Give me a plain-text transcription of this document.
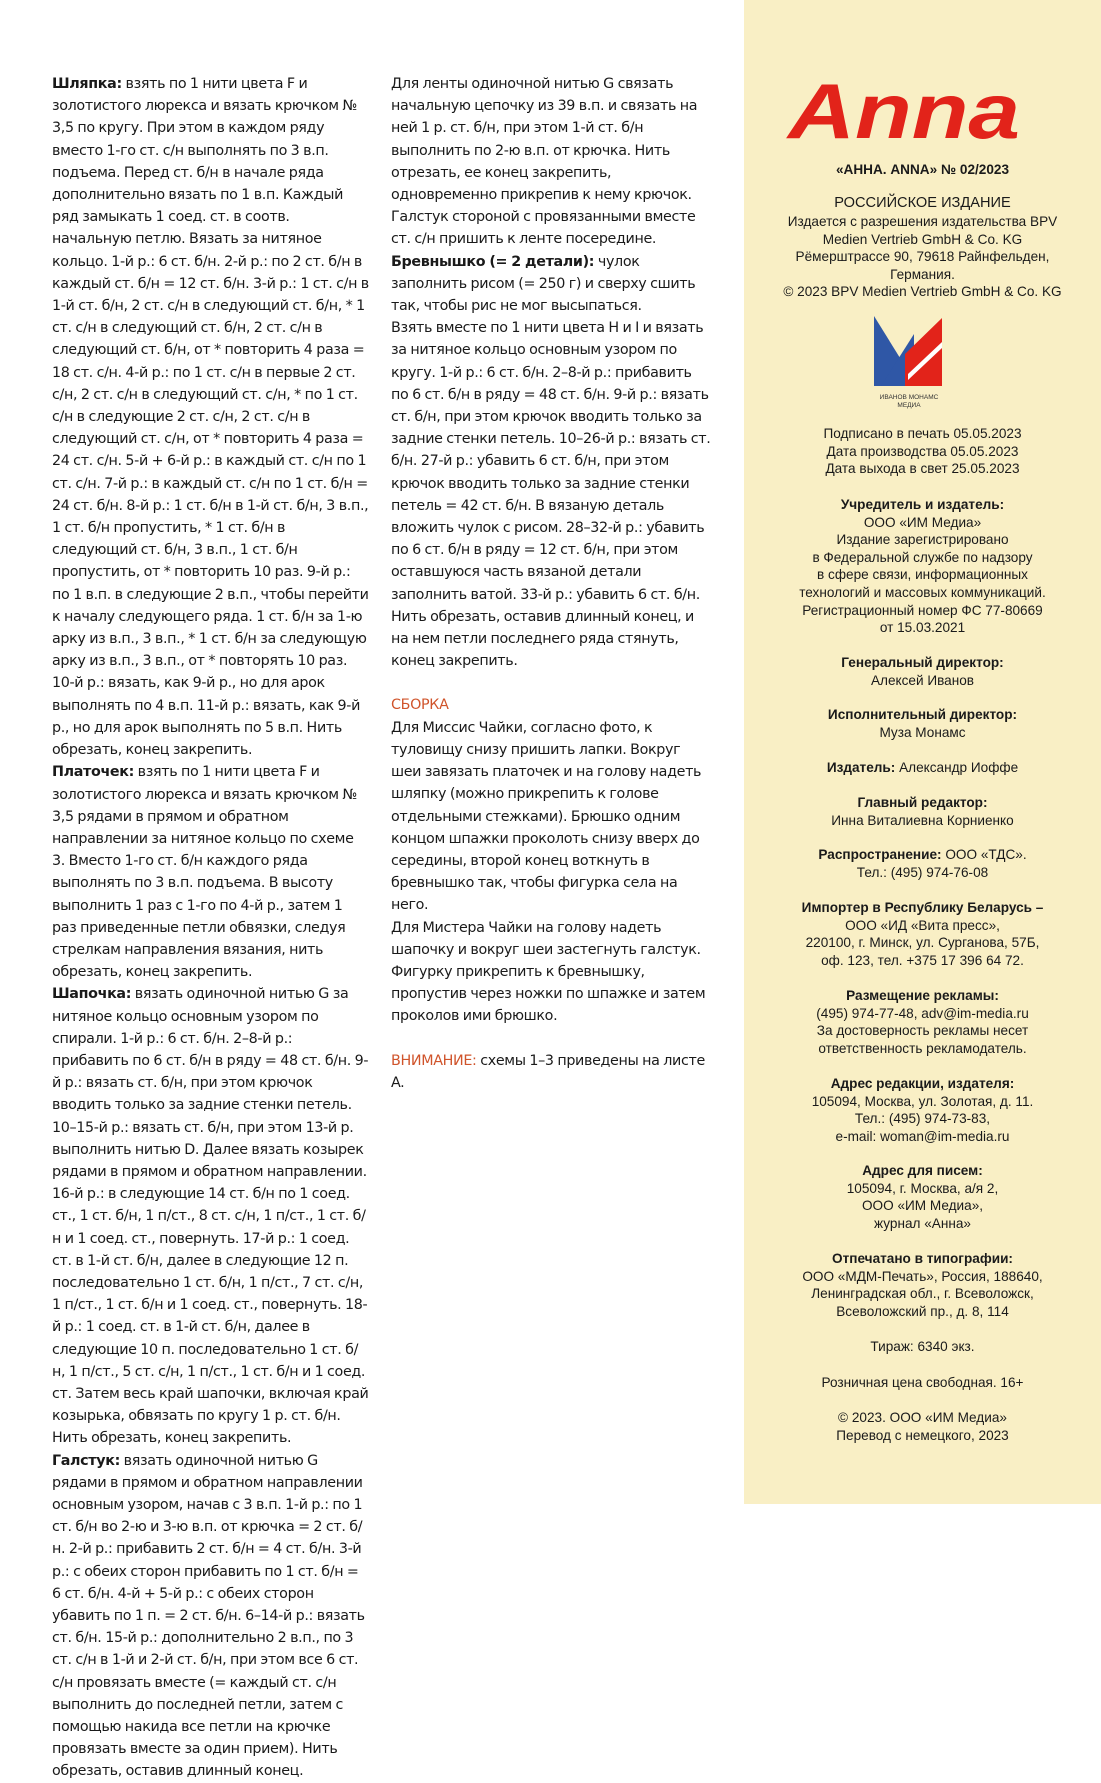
Шляпка: взять по 1 нити цвета F и золотистого люрекса и вязать крючком № 3,5 по кругу. При этом в каждом ряду вместо 1-го ст. с/н выполнять по 3 в.п. подъема. Перед ст. б/н в начале ряда дополнительно вязать по 1 в.п. Каждый ряд замыкать 1 соед. ст. в соотв. начальную петлю. Вязать за нитяное кольцо. 1-й р.: 6 ст. б/н. 2-й р.: по 2 ст. б/н в каждый ст. б/н = 12 ст. б/н. 3-й р.: 1 ст. с/н в 1-й ст. б/н, 2 ст. с/н в следующий ст. б/н, * 1 ст. с/н в следующий ст. б/н, 2 ст. с/н в следующий ст. б/н, от * повторить 4 раза = 18 ст. с/н. 4-й р.: по 1 ст. с/н в первые 2 ст. с/н, 2 ст. с/н в следующий ст. с/н, * по 1 ст. с/н в следующие 2 ст. с/н, 2 ст. с/н в следующий ст. с/н, от * повторить 4 раза = 24 ст. с/н. 5-й + 6-й р.: в каждый ст. с/н по 1 ст. с/н. 7-й р.: в каждый ст. с/н по 1 ст. б/н = 24 ст. б/н. 8-й р.: 1 ст. б/н в 1-й ст. б/н, 3 в.п., 1 ст. б/н пропустить, * 1 ст. б/н в следующий ст. б/н, 3 в.п., 1 ст. б/н пропустить, от * повторить 10 раз. 9-й р.: по 1 в.п. в следующие 2 в.п., чтобы перейти к началу следующего ряда. 1 ст. б/н за 1-ю арку из в.п., 3 в.п., * 1 ст. б/н за следующую арку из в.п., 3 в.п., от * повторять 10 раз. 10-й р.: вязать, как 9-й р., но для арок выполнять по 4 в.п. 11-й р.: вязать, как 9-й р., но для арок выполнять по 5 в.п. Нить обрезать, конец закрепить.

Платочек: взять по 1 нити цвета F и золотистого люрекса и вязать крючком № 3,5 рядами в прямом и обратном направлении за нитяное кольцо по схеме 3. Вместо 1-го ст. б/н каждого ряда выполнять по 3 в.п. подъема. В высоту выполнить 1 раз с 1-го по 4-й р., затем 1 раз приведенные петли обвязки, следуя стрелкам направления вязания, нить обрезать, конец закрепить.

Шапочка: вязать одиночной нитью G за нитяное кольцо основным узором по спирали. 1-й р.: 6 ст. б/н. 2–8-й р.: прибавить по 6 ст. б/н в ряду = 48 ст. б/н. 9-й р.: вязать ст. б/н, при этом крючок вводить только за задние стенки петель. 10–15-й р.: вязать ст. б/н, при этом 13-й р. выполнить нитью D. Далее вязать козырек рядами в прямом и обратном направлении. 16-й р.: в следующие 14 ст. б/н по 1 соед. ст., 1 ст. б/н, 1 п/ст., 8 ст. с/н, 1 п/ст., 1 ст. б/н и 1 соед. ст., повернуть. 17-й р.: 1 соед. ст. в 1-й ст. б/н, далее в следующие 12 п. последовательно 1 ст. б/н, 1 п/ст., 7 ст. с/н, 1 п/ст., 1 ст. б/н и 1 соед. ст., повернуть. 18-й р.: 1 соед. ст. в 1-й ст. б/н, далее в следующие 10 п. последовательно 1 ст. б/н, 1 п/ст., 5 ст. с/н, 1 п/ст., 1 ст. б/н и 1 соед. ст. Затем весь край шапочки, включая край козырька, обвязать по кругу 1 р. ст. б/н. Нить обрезать, конец закрепить.

Галстук: вязать одиночной нитью G рядами в прямом и обратном направлении основным узором, начав с 3 в.п. 1-й р.: по 1 ст. б/н во 2-ю и 3-ю в.п. от крючка = 2 ст. б/н. 2-й р.: прибавить 2 ст. б/н = 4 ст. б/н. 3-й р.: с обеих сторон прибавить по 1 ст. б/н = 6 ст. б/н. 4-й + 5-й р.: с обеих сторон убавить по 1 п. = 2 ст. б/н. 6–14-й р.: вязать ст. б/н. 15-й р.: дополнительно 2 в.п., по 3 ст. с/н в 1-й и 2-й ст. б/н, при этом все 6 ст. с/н провязать вместе (= каждый ст. с/н выполнить до последней петли, затем с помощью накида все петли на крючке провязать вместе за один прием). Нить обрезать, оставив длинный конец.

Для ленты одиночной нитью G связать начальную цепочку из 39 в.п. и связать на ней 1 р. ст. б/н, при этом 1-й ст. б/н выполнить по 2-ю в.п. от крючка. Нить отрезать, ее конец закрепить, одновременно прикрепив к нему крючок. Галстук стороной с провязанными вместе ст. с/н пришить к ленте посередине.

Бревнышко (= 2 детали): чулок заполнить рисом (= 250 г) и сверху сшить так, чтобы рис не мог высыпаться.

Взять вместе по 1 нити цвета H и I и вязать за нитяное кольцо основным узором по кругу. 1-й р.: 6 ст. б/н. 2–8-й р.: прибавить по 6 ст. б/н в ряду = 48 ст. б/н. 9-й р.: вязать ст. б/н, при этом крючок вводить только за задние стенки петель. 10–26-й р.: вязать ст. б/н. 27-й р.: убавить 6 ст. б/н, при этом крючок вводить только за задние стенки петель = 42 ст. б/н. В вязаную деталь вложить чулок с рисом. 28–32-й р.: убавить по 6 ст. б/н в ряду = 12 ст. б/н, при этом оставшуюся часть вязаной детали заполнить ватой. 33-й р.: убавить 6 ст. б/н. Нить обрезать, оставив длинный конец, и на нем петли последнего ряда стянуть, конец закрепить.

СБОРКА

Для Миссис Чайки, согласно фото, к туловищу снизу пришить лапки. Вокруг шеи завязать платочек и на голову надеть шляпку (можно прикрепить к голове отдельными стежками). Брюшко одним концом шпажки проколоть снизу вверх до середины, второй конец воткнуть в бревнышко так, чтобы фигурка села на него.

Для Мистера Чайки на голову надеть шапочку и вокруг шеи застегнуть галстук. Фигурку прикрепить к бревнышку, пропустив через ножки по шпажке и затем проколов ими брюшко.

ВНИМАНИЕ: схемы 1–3 приведены на листе A.

Anna
«АННА. ANNA» № 02/2023
РОССИЙСКОЕ ИЗДАНИЕ

Издается с разрешения издательства BPV

Medien Vertrieb GmbH & Co. KG

Рёмерштрассе 90, 79618 Райнфельден,

Германия.

© 2023 BPV Medien Vertrieb GmbH & Co. KG

ИВАНОВ МОНАМС
МЕДИА

Подписано в печать 05.05.2023

Дата производства 05.05.2023

Дата выхода в свет 25.05.2023

Учредитель и издатель:

ООО «ИМ Медиа»

Издание зарегистрировано

в Федеральной службе по надзору

в сфере связи, информационных

технологий и массовых коммуникаций.

Регистрационный номер ФС 77-80669

от 15.03.2021

Генеральный директор:

Алексей Иванов

Исполнительный директор:

Муза Монамс

Издатель: Александр Иоффе

Главный редактор:

Инна Виталиевна Корниенко

Распространение: ООО «ТДС».

Тел.: (495) 974-76-08

Импортер в Республику Беларусь –

ООО «ИД «Вита пресс»,

220100, г. Минск, ул. Сурганова, 57Б,

оф. 123, тел. +375 17 396 64 72.

Размещение рекламы:

(495) 974-77-48, adv@im-media.ru

За достоверность рекламы несет

ответственность рекламодатель.

Адрес редакции, издателя:

105094, Москва, ул. Золотая, д. 11.

Тел.: (495) 974-73-83,

e-mail: woman@im-media.ru

Адрес для писем:

105094, г. Москва, а/я 2,

ООО «ИМ Медиа»,

журнал «Анна»

Отпечатано в типографии:

ООО «МДМ-Печать», Россия, 188640,

Ленинградская обл., г. Всеволожск,

Всеволожский пр., д. 8, 114

Тираж: 6340 экз.
Розничная цена свободная. 16+

© 2023. ООО «ИМ Медиа»

Перевод с немецкого, 2023
